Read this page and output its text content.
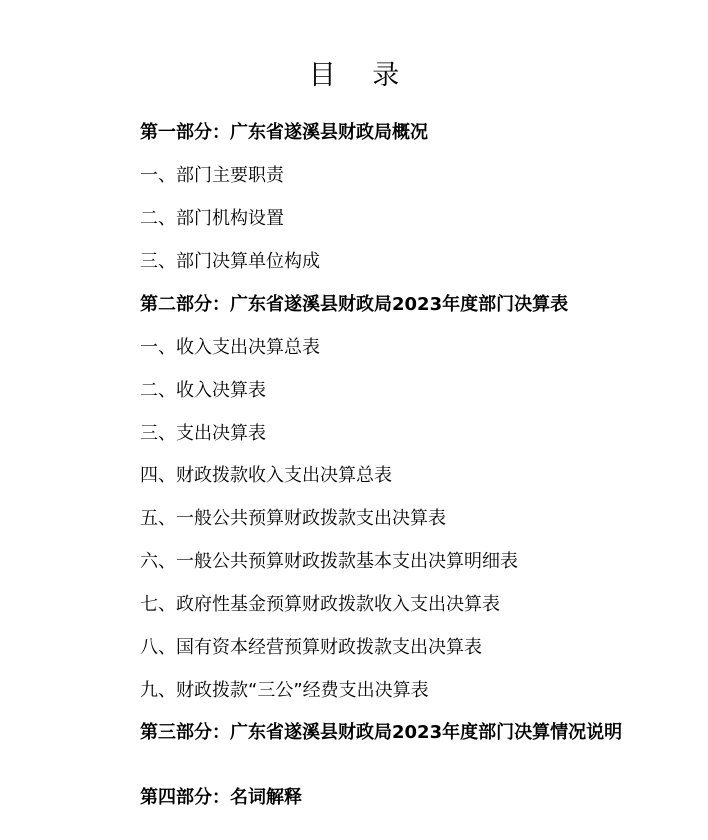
目 录
第一部分：广东省遂溪县财政局概况
一、部门主要职责
二、部门机构设置
三、部门决算单位构成
第二部分：广东省遂溪县财政局2023年度部门决算表
一、收入支出决算总表
二、收入决算表
三、支出决算表
四、财政拨款收入支出决算总表
五、一般公共预算财政拨款支出决算表
六、一般公共预算财政拨款基本支出决算明细表
七、政府性基金预算财政拨款收入支出决算表
八、国有资本经营预算财政拨款支出决算表
九、财政拨款“三公”经费支出决算表
第三部分：广东省遂溪县财政局2023年度部门决算情况说明
第四部分：名词解释
